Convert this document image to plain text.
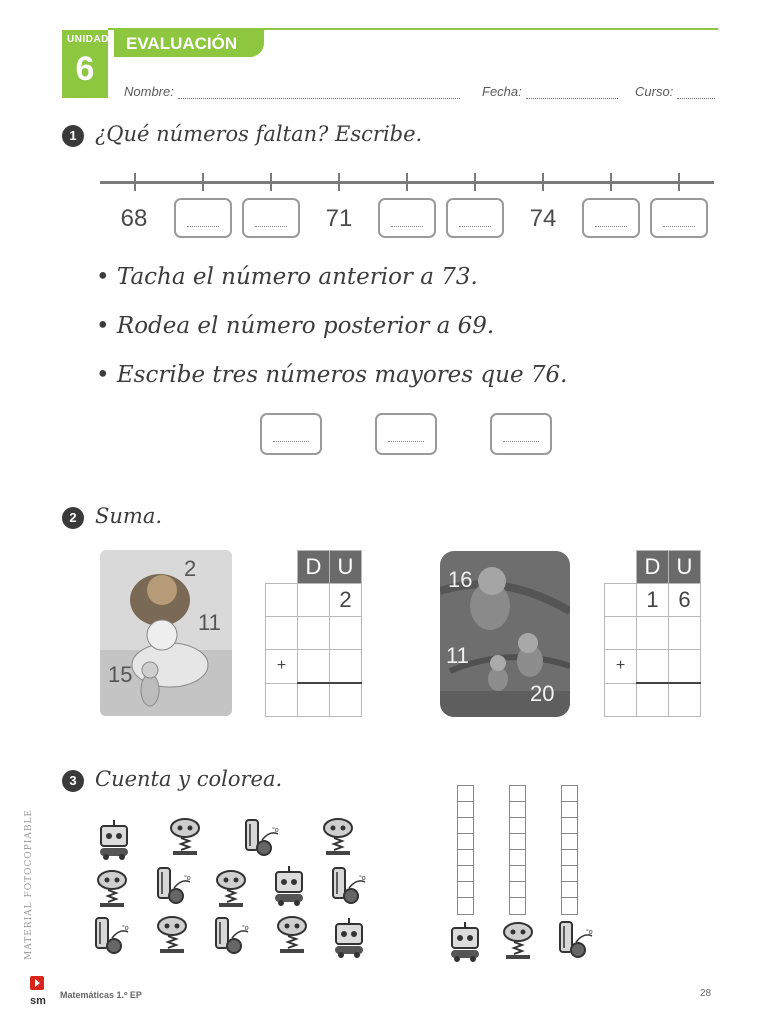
UNIDAD
6
EVALUACIÓN
Nombre:	Fecha:	Curso:
1 ¿Qué números faltan? Escribe.
68	71	74
• Tacha el número anterior a 73.
• Rodea el número posterior a 69.
• Escribe tres números mayores que 76.
2 Suma.
2
11
15
	D	U
		2

+		

16
11
20
	D	U
	1	6

+		

3 Cuenta y colorea.
MATERIAL FOTOCOPIABLE
sm Matemáticas 1.º EP	28
